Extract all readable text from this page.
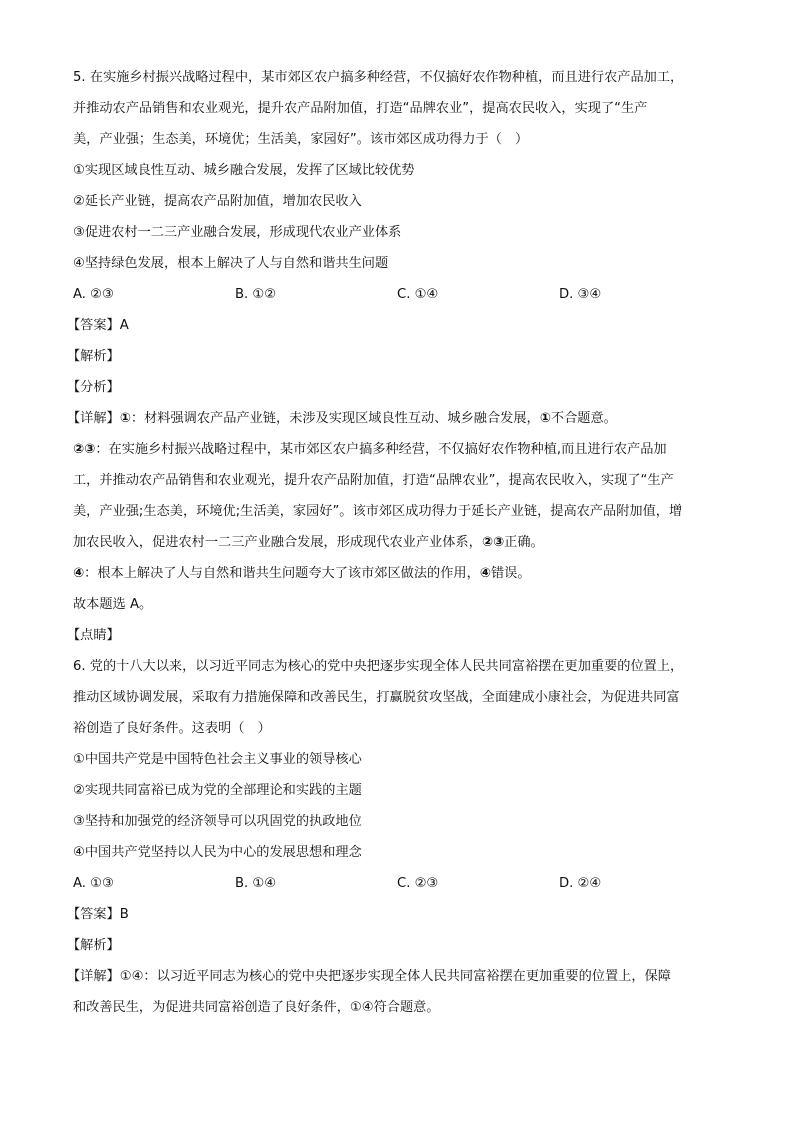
5. 在实施乡村振兴战略过程中，某市郊区农户搞多种经营，不仅搞好农作物种植，而且进行农产品加工，
并推动农产品销售和农业观光，提升农产品附加值，打造“品牌农业”，提高农民收入，实现了“生产
美，产业强；生态美，环境优；生活美，家园好”。该市郊区成功得力于（　）
①实现区域良性互动、城乡融合发展，发挥了区域比较优势
②延长产业链，提高农产品附加值，增加农民收入
③促进农村一二三产业融合发展，形成现代农业产业体系
④坚持绿色发展，根本上解决了人与自然和谐共生问题
A. ②③	B. ①②	C. ①④	D. ③④
【答案】A
【解析】
【分析】
【详解】①：材料强调农产品产业链，未涉及实现区域良性互动、城乡融合发展，①不合题意。
②③：在实施乡村振兴战略过程中，某市郊区农户搞多种经营，不仅搞好农作物种植,而且进行农产品加
工，并推动农产品销售和农业观光，提升农产品附加值，打造“品牌农业”，提高农民收入，实现了“生产
美，产业强;生态美，环境优;生活美，家园好”。该市郊区成功得力于延长产业链，提高农产品附加值，增
加农民收入，促进农村一二三产业融合发展，形成现代农业产业体系，②③正确。
④：根本上解决了人与自然和谐共生问题夸大了该市郊区做法的作用，④错误。
故本题选 A。
【点睛】
6. 党的十八大以来，以习近平同志为核心的党中央把逐步实现全体人民共同富裕摆在更加重要的位置上，
推动区域协调发展，采取有力措施保障和改善民生，打赢脱贫攻坚战，全面建成小康社会，为促进共同富
裕创造了良好条件。这表明（　）
①中国共产党是中国特色社会主义事业的领导核心
②实现共同富裕已成为党的全部理论和实践的主题
③坚持和加强党的经济领导可以巩固党的执政地位
④中国共产党坚持以人民为中心的发展思想和理念
A. ①③	B. ①④	C. ②③	D. ②④
【答案】B
【解析】
【详解】①④：以习近平同志为核心的党中央把逐步实现全体人民共同富裕摆在更加重要的位置上，保障
和改善民生，为促进共同富裕创造了良好条件，①④符合题意。
